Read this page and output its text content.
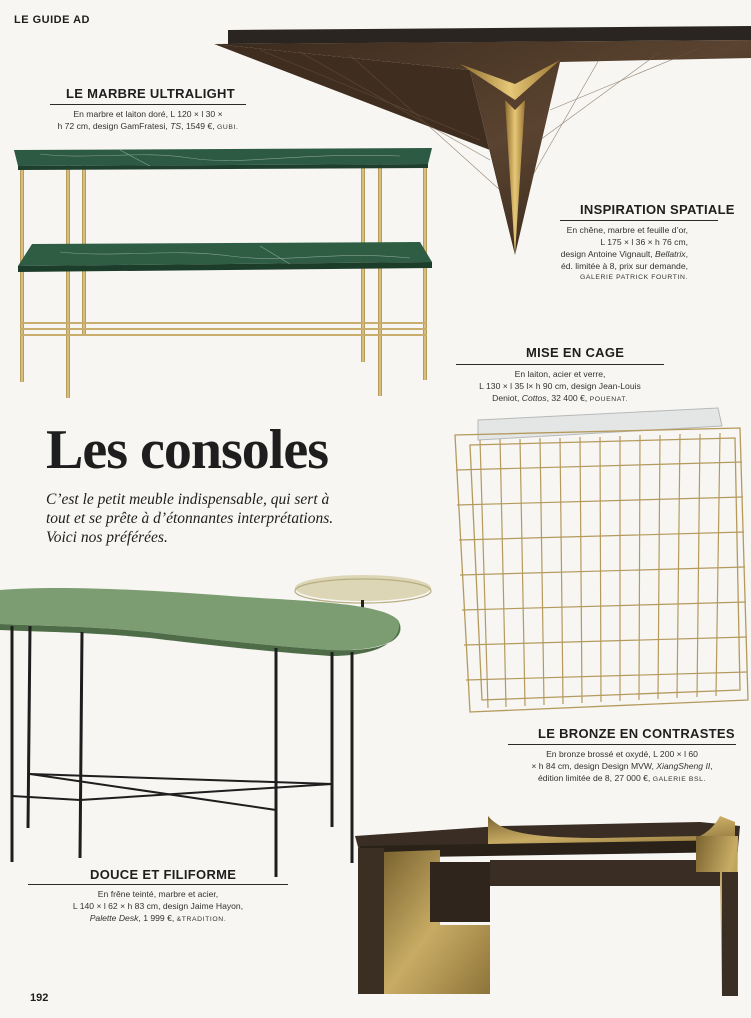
LE GUIDE AD
LE MARBRE ULTRALIGHT
En marbre et laiton doré, L 120 × l 30 ×
h 72 cm, design GamFratesi, TS, 1549 €, GUBI.
INSPIRATION SPATIALE
En chêne, marbre et feuille d’or,
L 175 × l 36 × h 76 cm,
design Antoine Vignault, Bellatrix,
éd. limitée à 8, prix sur demande,
GALERIE PATRICK FOURTIN.
MISE EN CAGE
En laiton, acier et verre,
L 130 × l 35 l× h 90 cm, design Jean-Louis
Deniot, Cottos, 32 400 €, POUENAT.
Les consoles
C’est le petit meuble indispensable, qui sert à tout et se prête à d’étonnantes interprétations. Voici nos préférées.
LE BRONZE EN CONTRASTES
En bronze brossé et oxydé, L 200 × l 60
× h 84 cm, design Design MVW, XiangSheng II,
édition limitée de 8, 27 000 €, GALERIE BSL.
DOUCE ET FILIFORME
En frêne teinté, marbre et acier,
L 140 × l 62 × h 83 cm, design Jaime Hayon,
Palette Desk, 1 999 €, &TRADITION.
192
